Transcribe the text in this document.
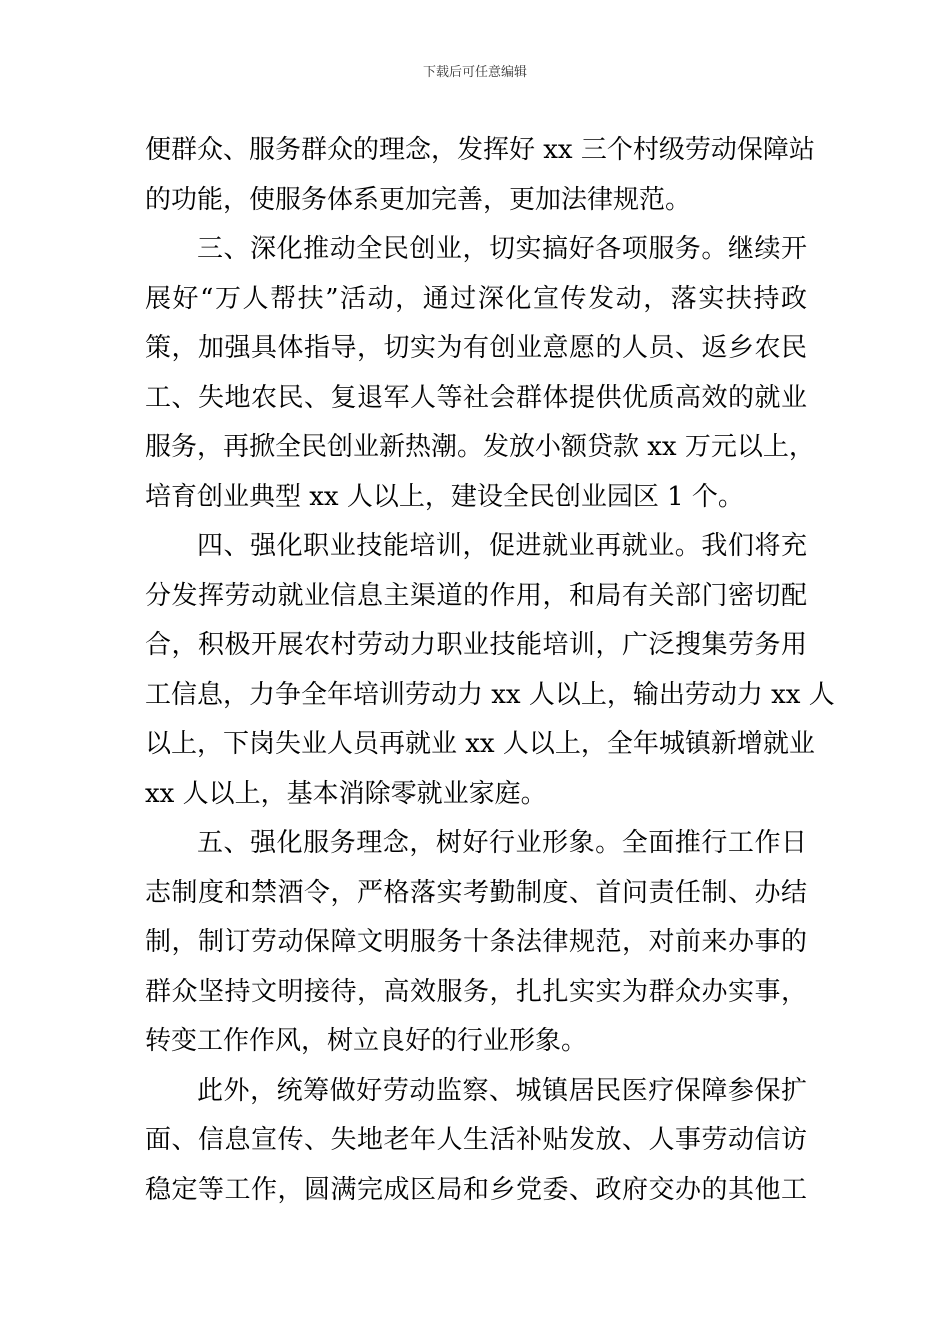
下载后可任意编辑
便群众、服务群众的理念，发挥好 xx 三个村级劳动保障站
的功能，使服务体系更加完善，更加法律规范。
三、深化推动全民创业，切实搞好各项服务。继续开
展好“万人帮扶”活动，通过深化宣传发动，落实扶持政
策，加强具体指导，切实为有创业意愿的人员、返乡农民
工、失地农民、复退军人等社会群体提供优质高效的就业
服务，再掀全民创业新热潮。发放小额贷款 xx 万元以上，
培育创业典型 xx 人以上，建设全民创业园区 1 个。
四、强化职业技能培训，促进就业再就业。我们将充
分发挥劳动就业信息主渠道的作用，和局有关部门密切配
合，积极开展农村劳动力职业技能培训，广泛搜集劳务用
工信息，力争全年培训劳动力 xx 人以上，输出劳动力 xx 人
以上，下岗失业人员再就业 xx 人以上，全年城镇新增就业
xx 人以上，基本消除零就业家庭。
五、强化服务理念，树好行业形象。全面推行工作日
志制度和禁酒令，严格落实考勤制度、首问责任制、办结
制，制订劳动保障文明服务十条法律规范，对前来办事的
群众坚持文明接待，高效服务，扎扎实实为群众办实事，
转变工作作风，树立良好的行业形象。
此外，统筹做好劳动监察、城镇居民医疗保障参保扩
面、信息宣传、失地老年人生活补贴发放、人事劳动信访
稳定等工作，圆满完成区局和乡党委、政府交办的其他工
